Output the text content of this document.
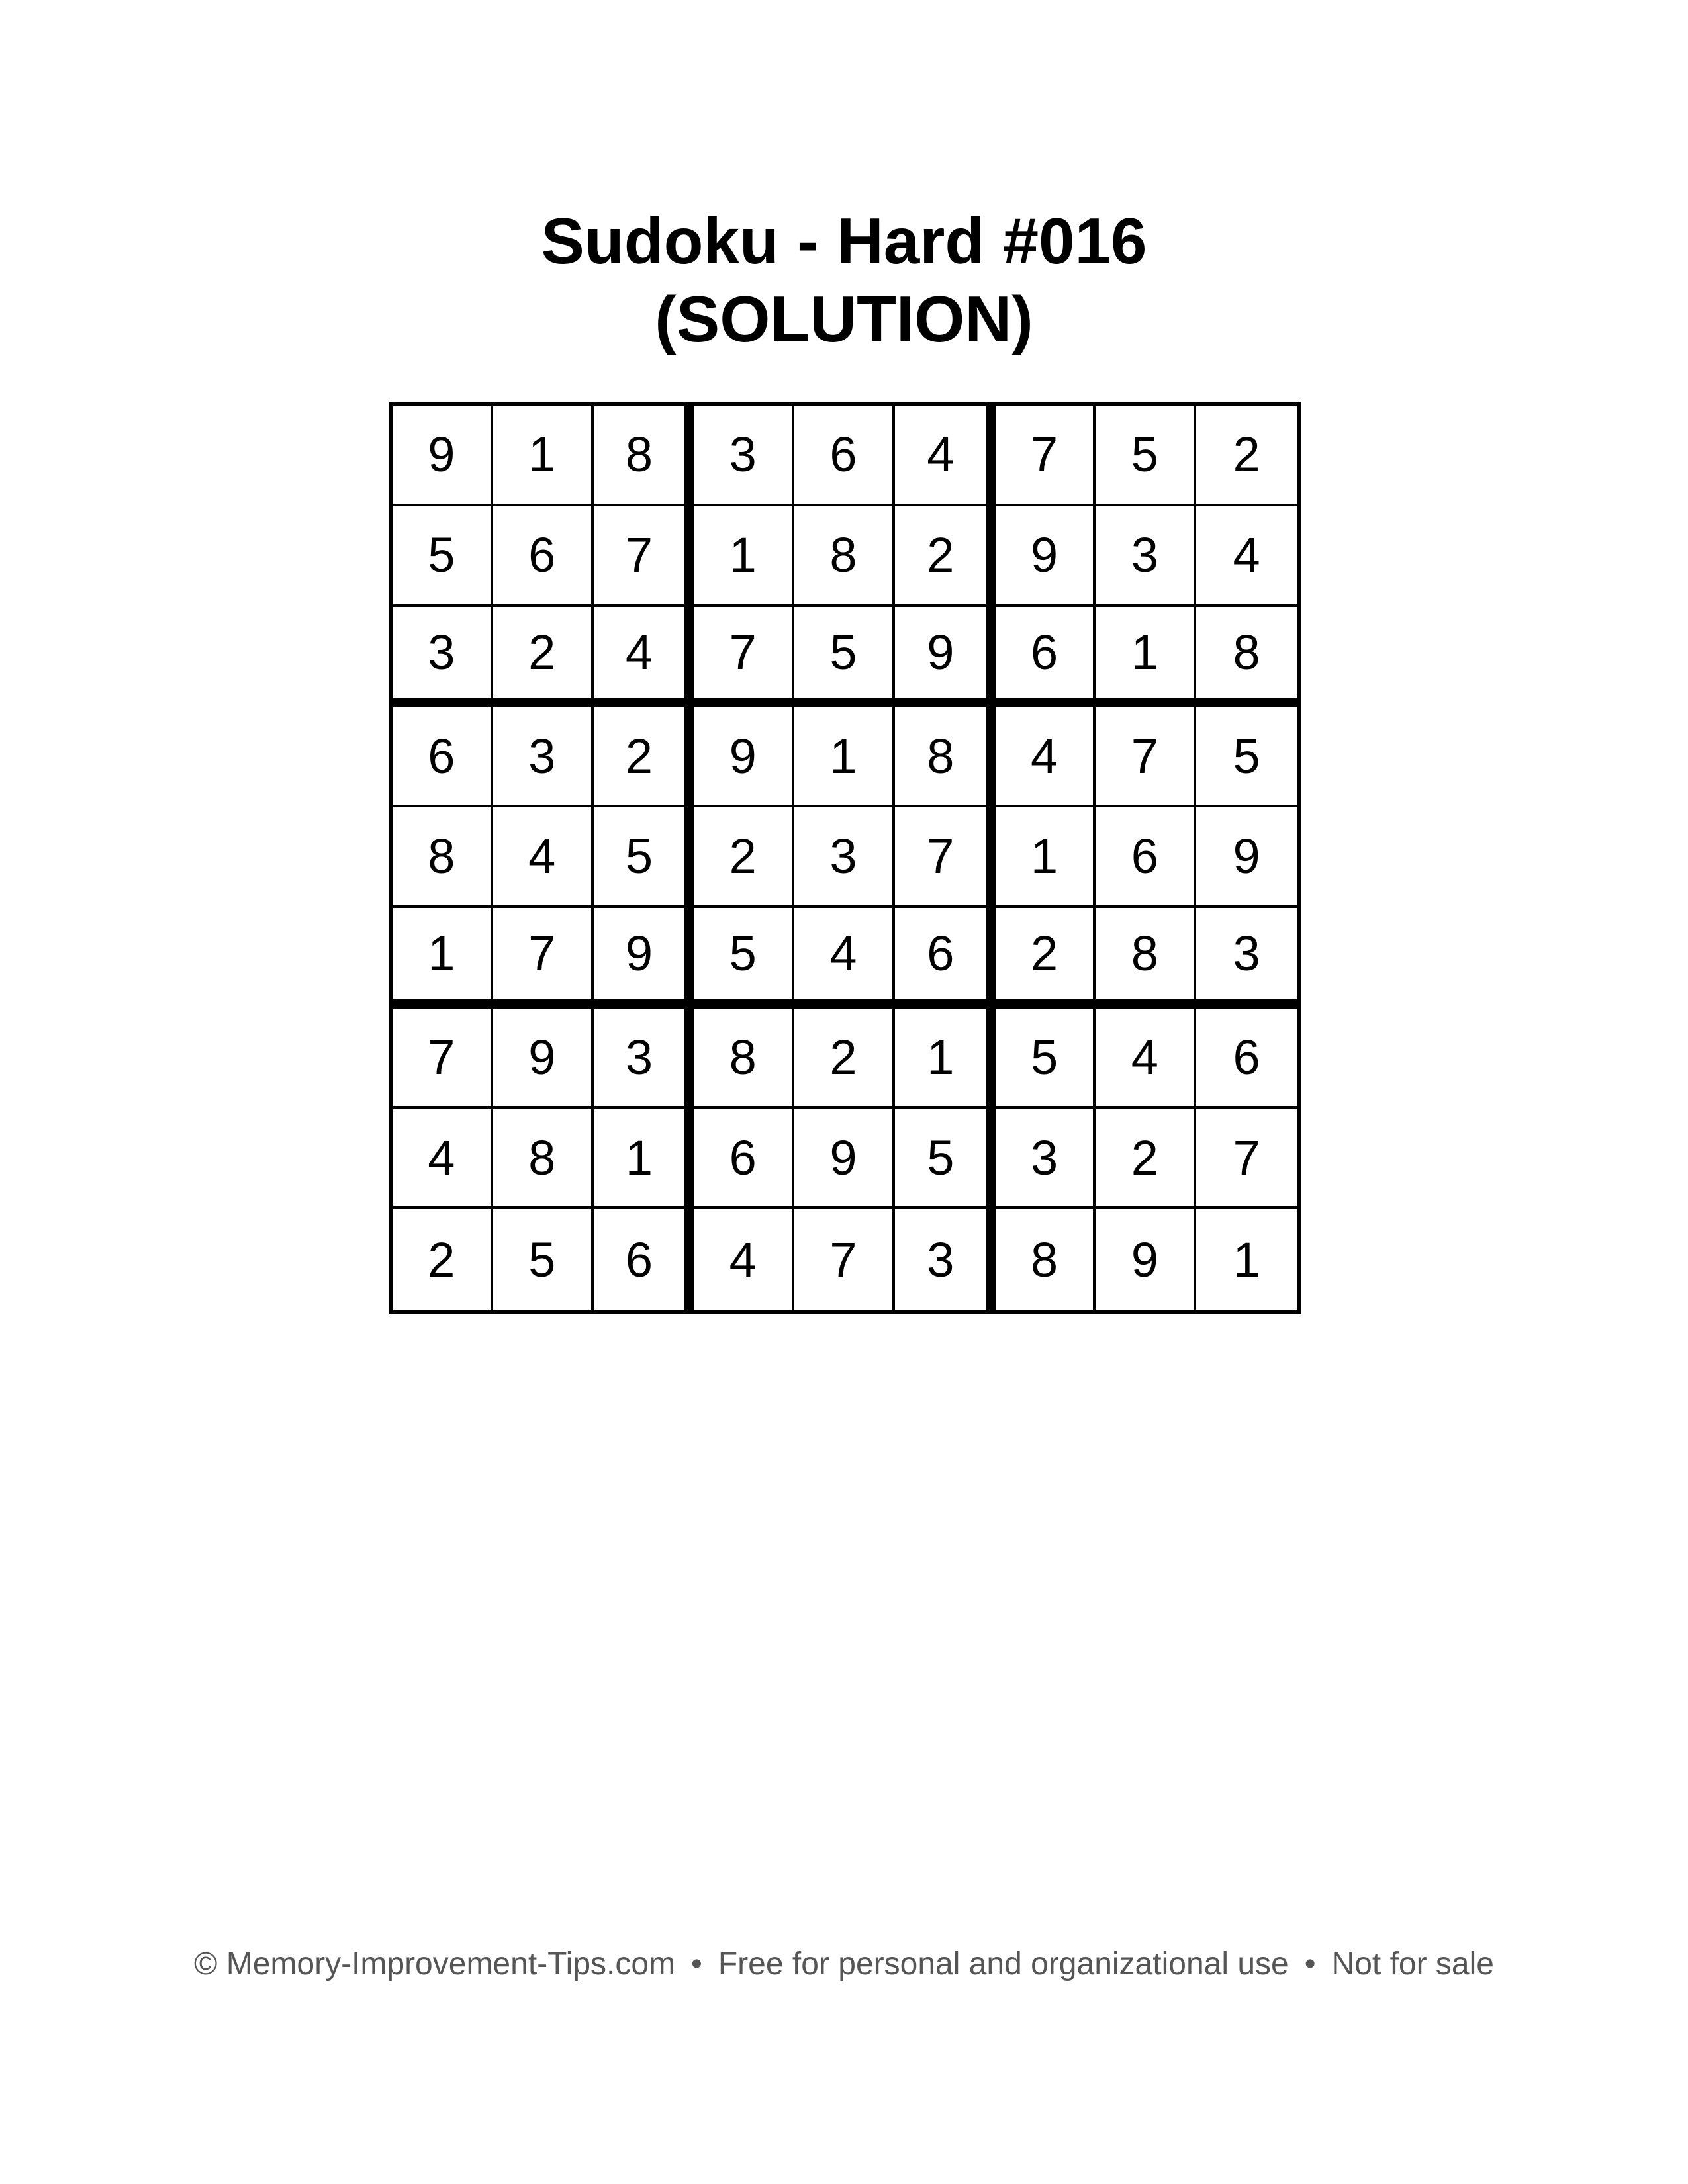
Sudoku - Hard #016
(SOLUTION)
9	1	8	3	6	4	7	5	2
5	6	7	1	8	2	9	3	4
3	2	4	7	5	9	6	1	8
6	3	2	9	1	8	4	7	5
8	4	5	2	3	7	1	6	9
1	7	9	5	4	6	2	8	3
7	9	3	8	2	1	5	4	6
4	8	1	6	9	5	3	2	7
2	5	6	4	7	3	8	9	1
© Memory-Improvement-Tips.com • Free for personal and organizational use • Not for sale
